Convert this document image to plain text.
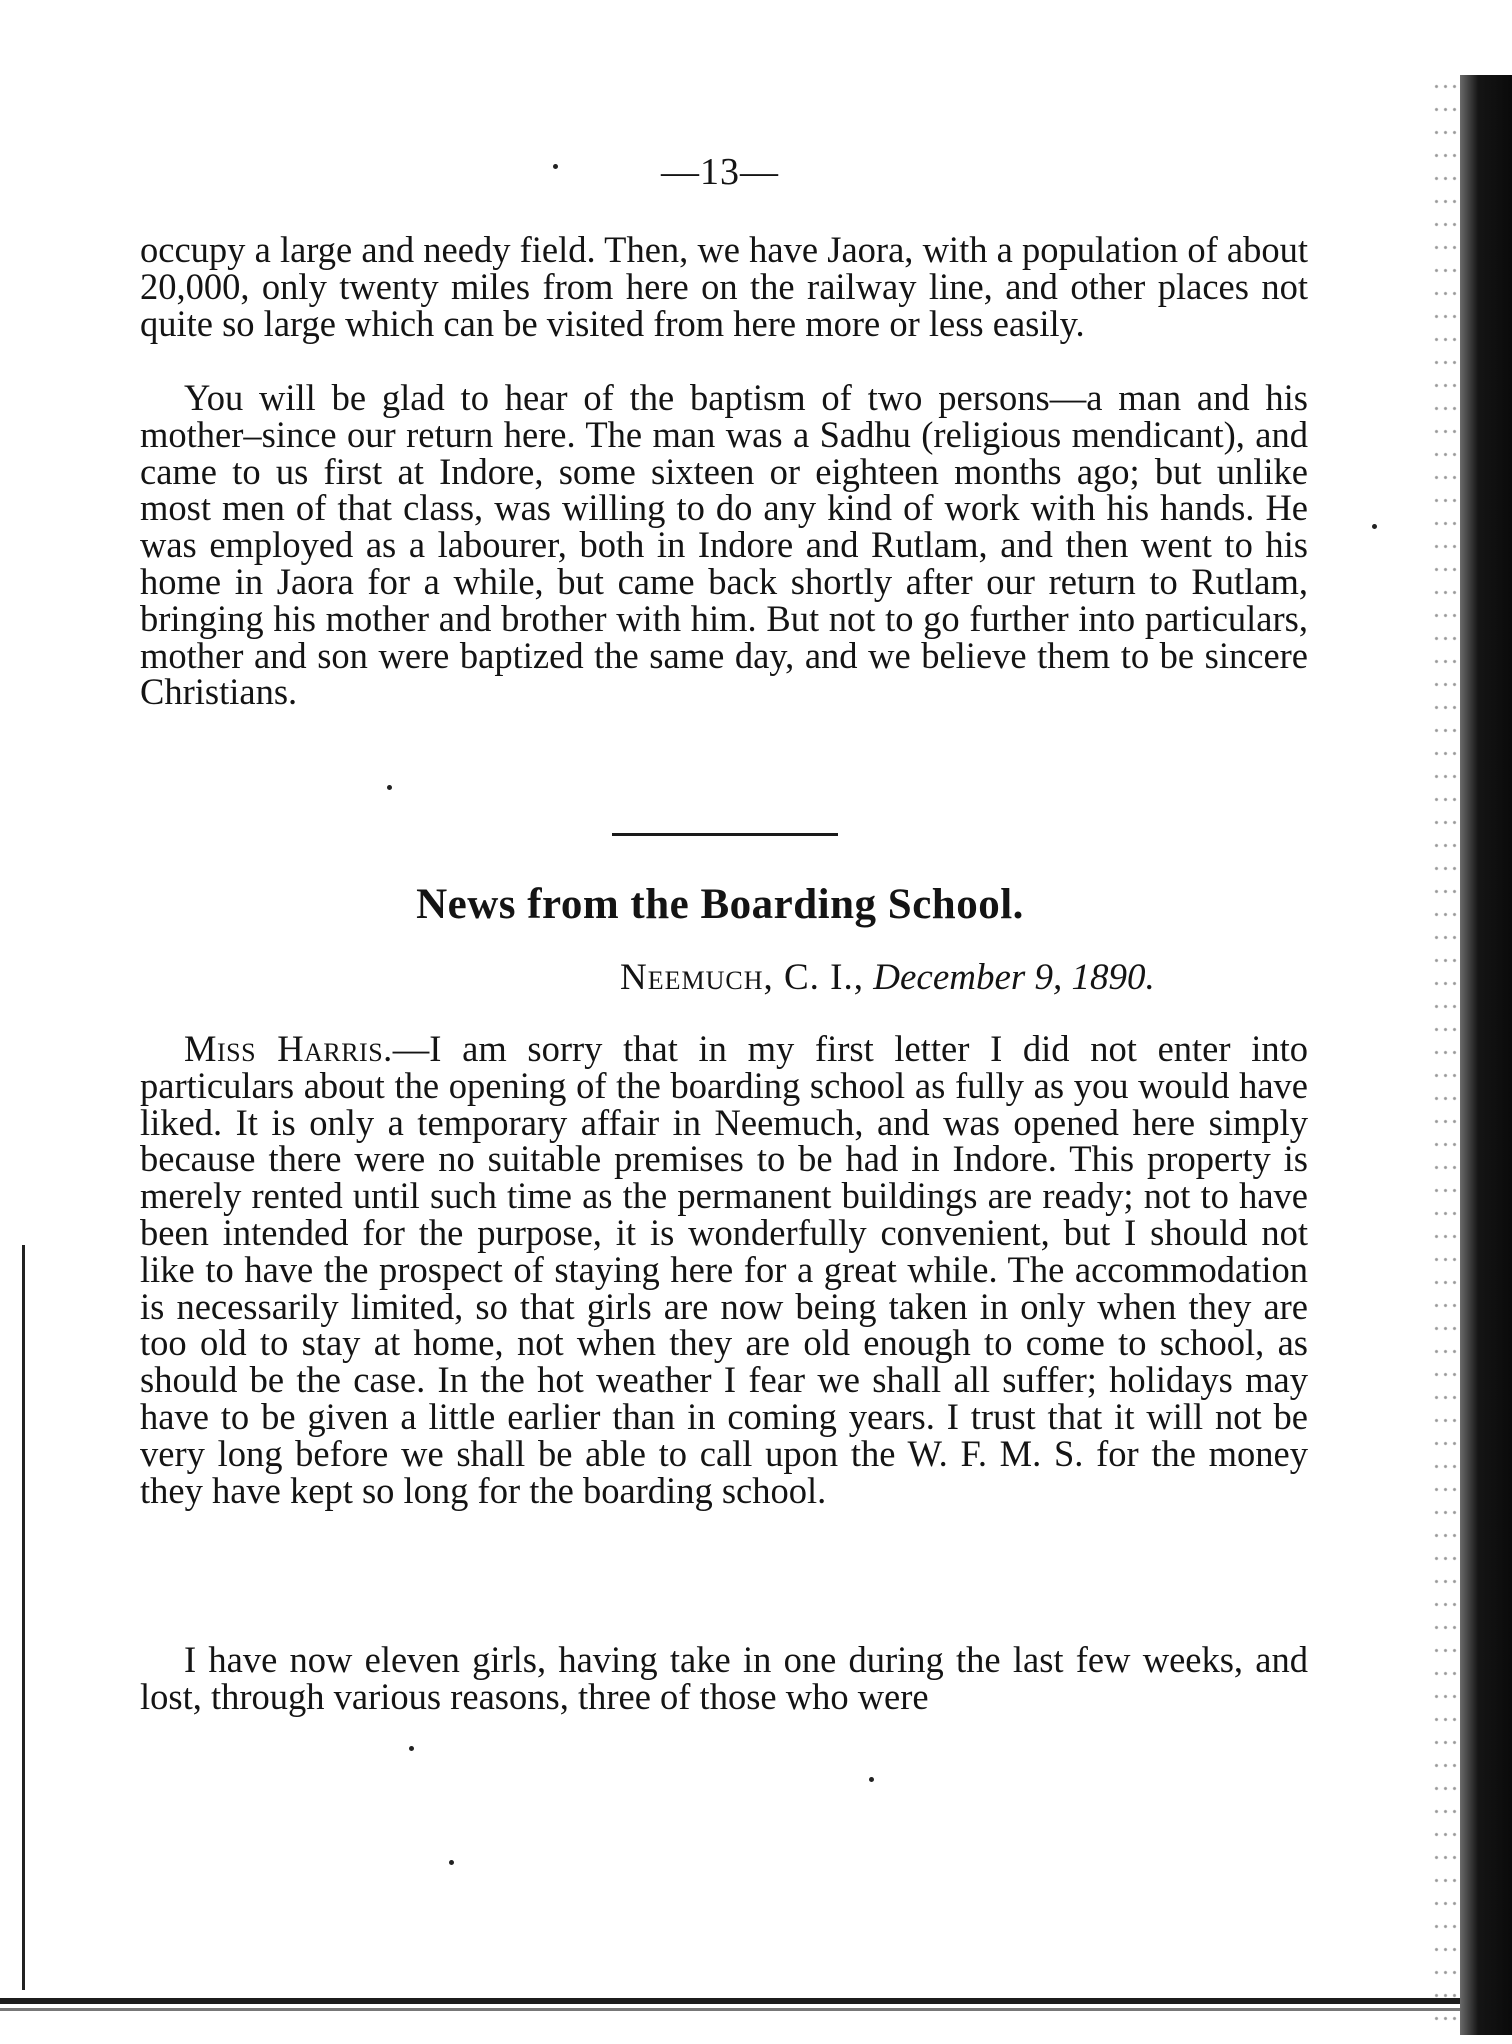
—13—

occupy a large and needy field. Then, we have Jaora, with a population of about 20,000, only twenty miles from here on the railway line, and other places not quite so large which can be visited from here more or less easily.

You will be glad to hear of the baptism of two persons—a man and his mother–since our return here. The man was a Sadhu (religious mendicant), and came to us first at Indore, some sixteen or eighteen months ago; but unlike most men of that class, was willing to do any kind of work with his hands. He was employed as a labourer, both in Indore and Rutlam, and then went to his home in Jaora for a while, but came back shortly after our return to Rutlam, bringing his mother and brother with him. But not to go further into particulars, mother and son were baptized the same day, and we believe them to be sincere Christians.

News from the Boarding School.
Neemuch, C. I., December 9, 1890.

Miss Harris.—I am sorry that in my first letter I did not enter into particulars about the opening of the boarding school as fully as you would have liked. It is only a temporary affair in Neemuch, and was opened here simply because there were no suitable premises to be had in Indore. This property is merely rented until such time as the permanent buildings are ready; not to have been intended for the purpose, it is wonderfully convenient, but I should not like to have the prospect of staying here for a great while. The accommodation is necessarily limited, so that girls are now being taken in only when they are too old to stay at home, not when they are old enough to come to school, as should be the case. In the hot weather I fear we shall all suffer; holidays may have to be given a little earlier than in coming years. I trust that it will not be very long before we shall be able to call upon the W. F. M. S. for the money they have kept so long for the boarding school.

I have now eleven girls, having take in one during the last few weeks, and lost, through various reasons, three of those who were
